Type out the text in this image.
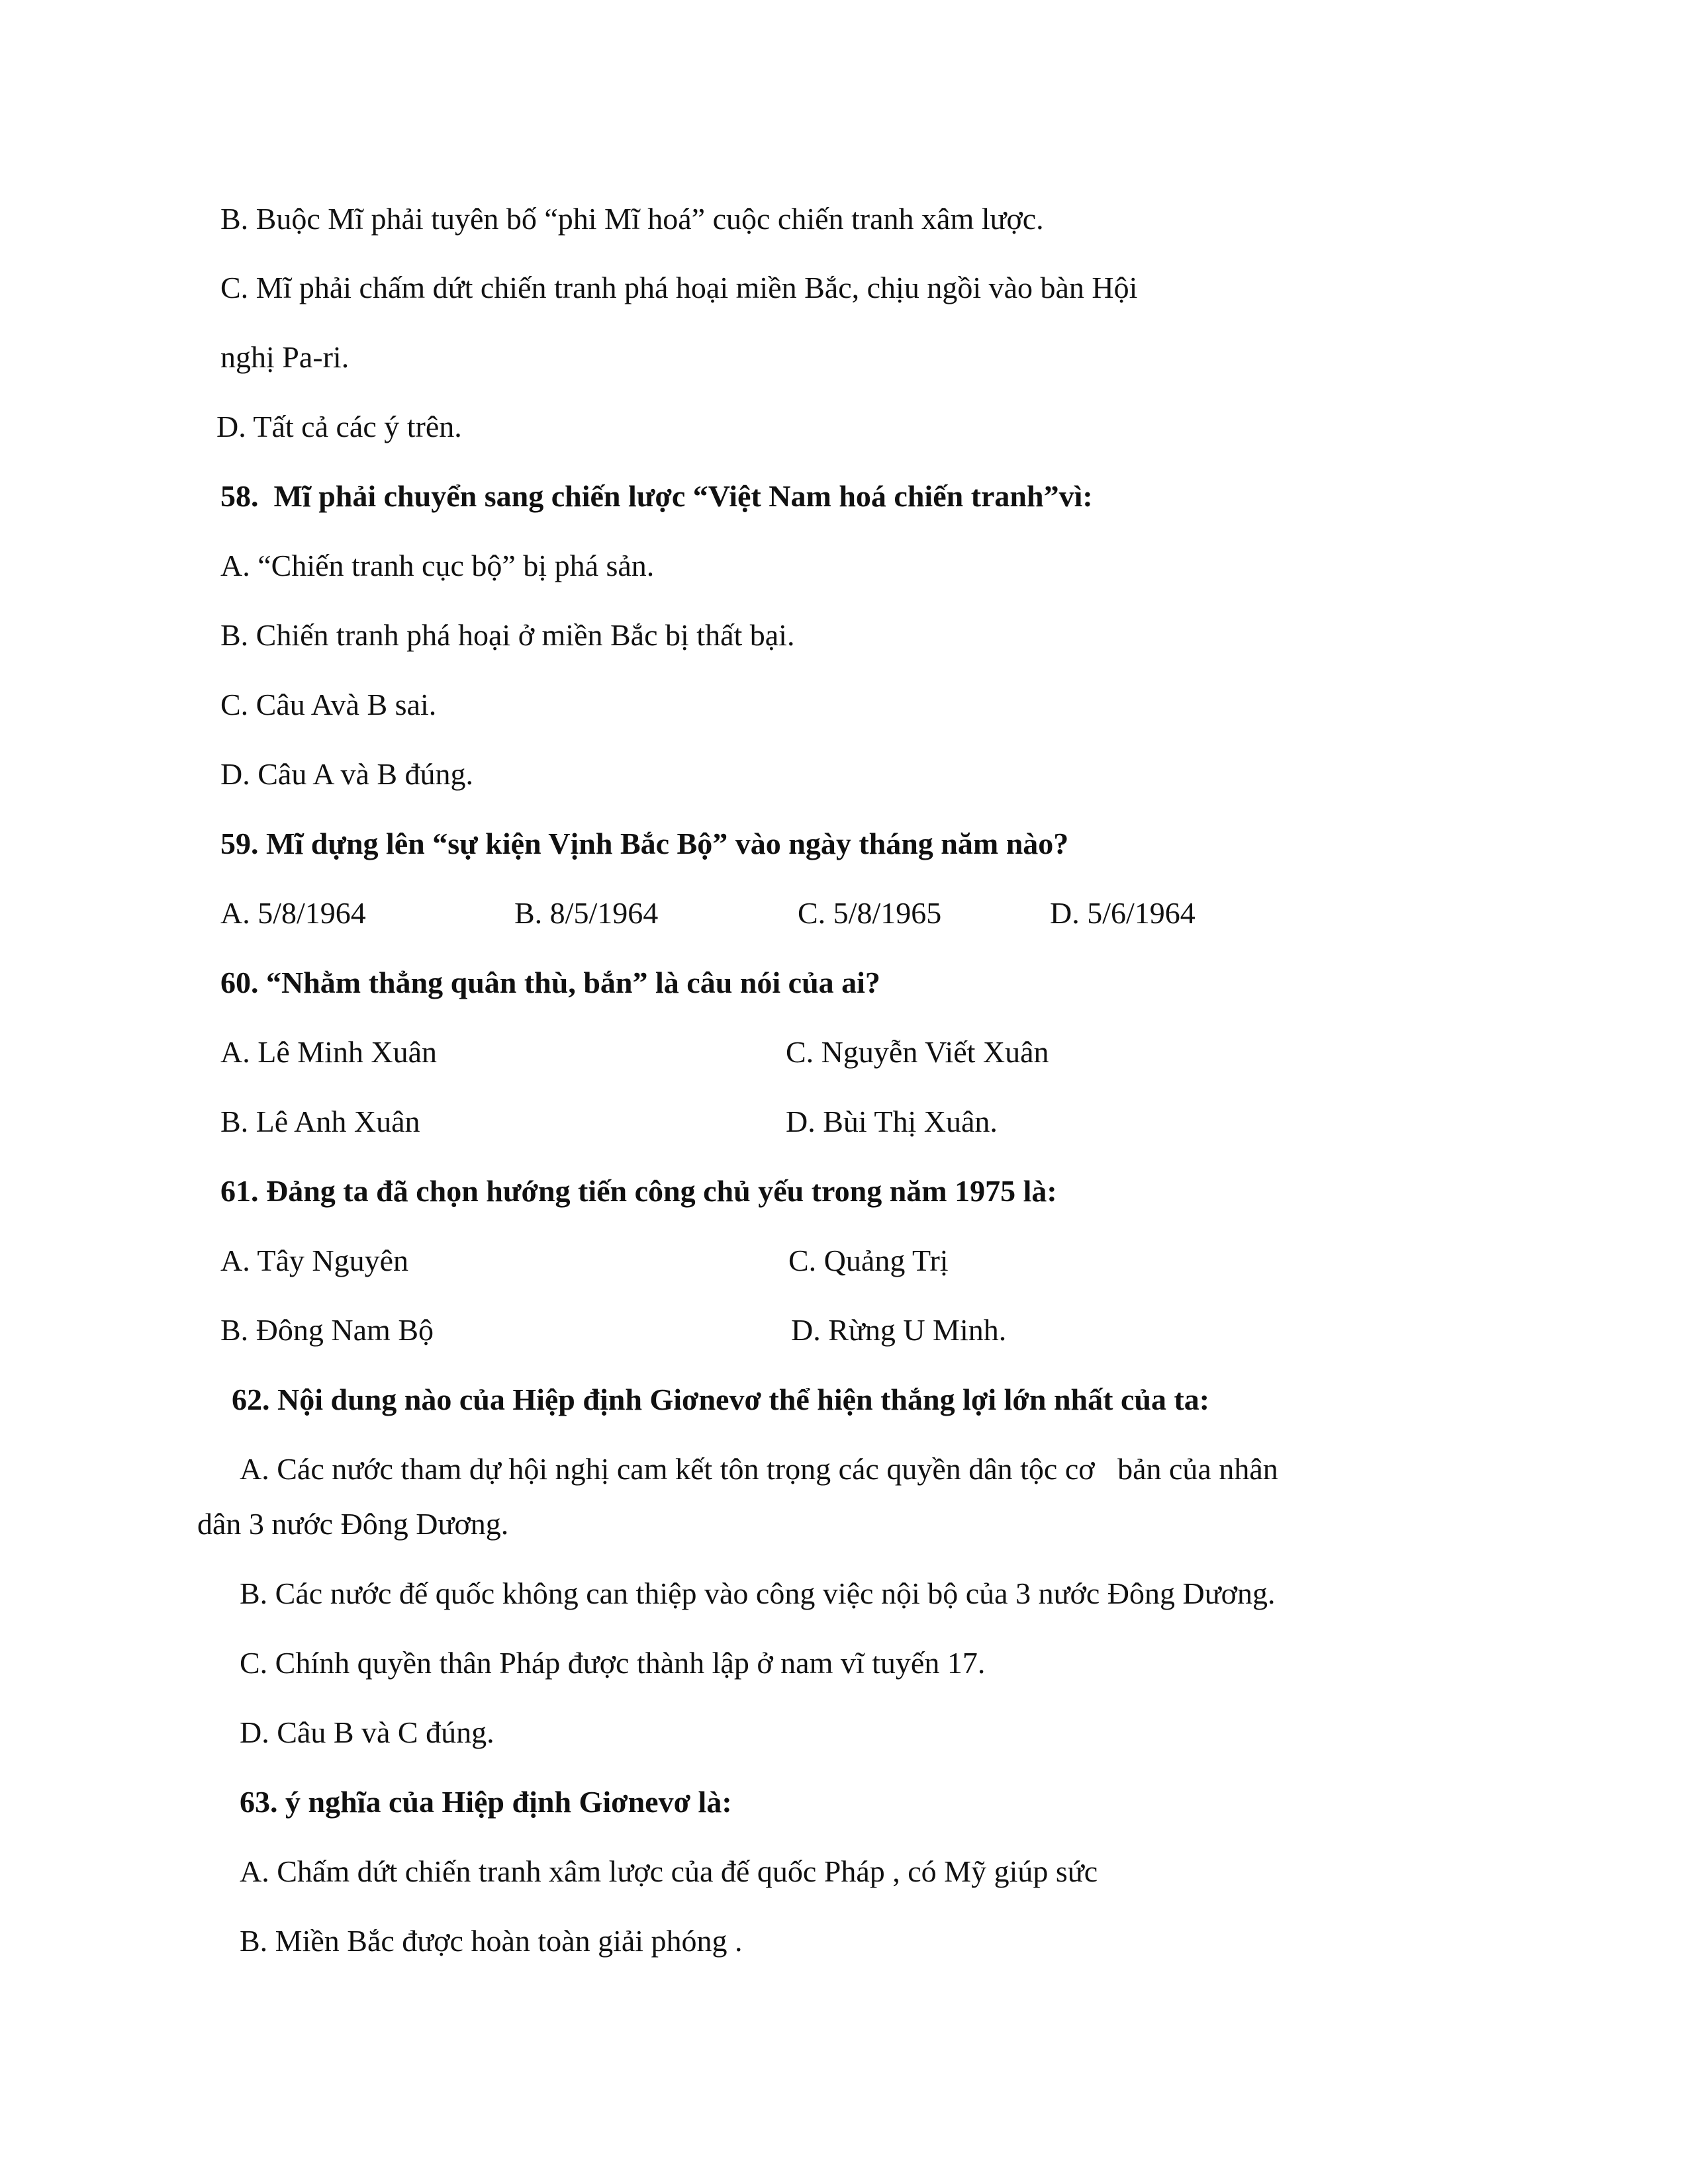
B. Buộc Mĩ phải tuyên bố “phi Mĩ hoá” cuộc chiến tranh xâm lược.
C. Mĩ phải chấm dứt chiến tranh phá hoại miền Bắc, chịu ngồi vào bàn Hội
nghị Pa-ri.
D. Tất cả các ý trên.
58.  Mĩ phải chuyển sang chiến lược “Việt Nam hoá chiến tranh”vì:
A. “Chiến tranh cục bộ” bị phá sản.
B. Chiến tranh phá hoại ở miền Bắc bị thất bại.
C. Câu Avà B sai.
D. Câu A và B đúng.
59. Mĩ dựng lên “sự kiện Vịnh Bắc Bộ” vào ngày tháng năm nào?
A. 5/8/1964	B. 8/5/1964	C. 5/8/1965	D. 5/6/1964
60. “Nhằm thẳng quân thù, bắn” là câu nói của ai?
A. Lê Minh Xuân	C. Nguyễn Viết Xuân
B. Lê Anh Xuân	D. Bùi Thị Xuân.
61. Đảng ta đã chọn hướng tiến công chủ yếu trong năm 1975 là:
A. Tây Nguyên	C. Quảng Trị
B. Đông Nam Bộ	D. Rừng U Minh.
62. Nội dung nào của Hiệp định Giơnevơ thể hiện thắng lợi lớn nhất của ta:
A. Các nước tham dự hội nghị cam kết tôn trọng các quyền dân tộc cơ   bản của nhân
dân 3 nước Đông Dương.
B. Các nước đế quốc không can thiệp vào công việc nội bộ của 3 nước Đông Dương.
C. Chính quyền thân Pháp được thành lập ở nam vĩ tuyến 17.
D. Câu B và C đúng.
63. ý nghĩa của Hiệp định Giơnevơ là:
A. Chấm dứt chiến tranh xâm lược của đế quốc Pháp , có Mỹ giúp sức
B. Miền Bắc được hoàn toàn giải phóng .
